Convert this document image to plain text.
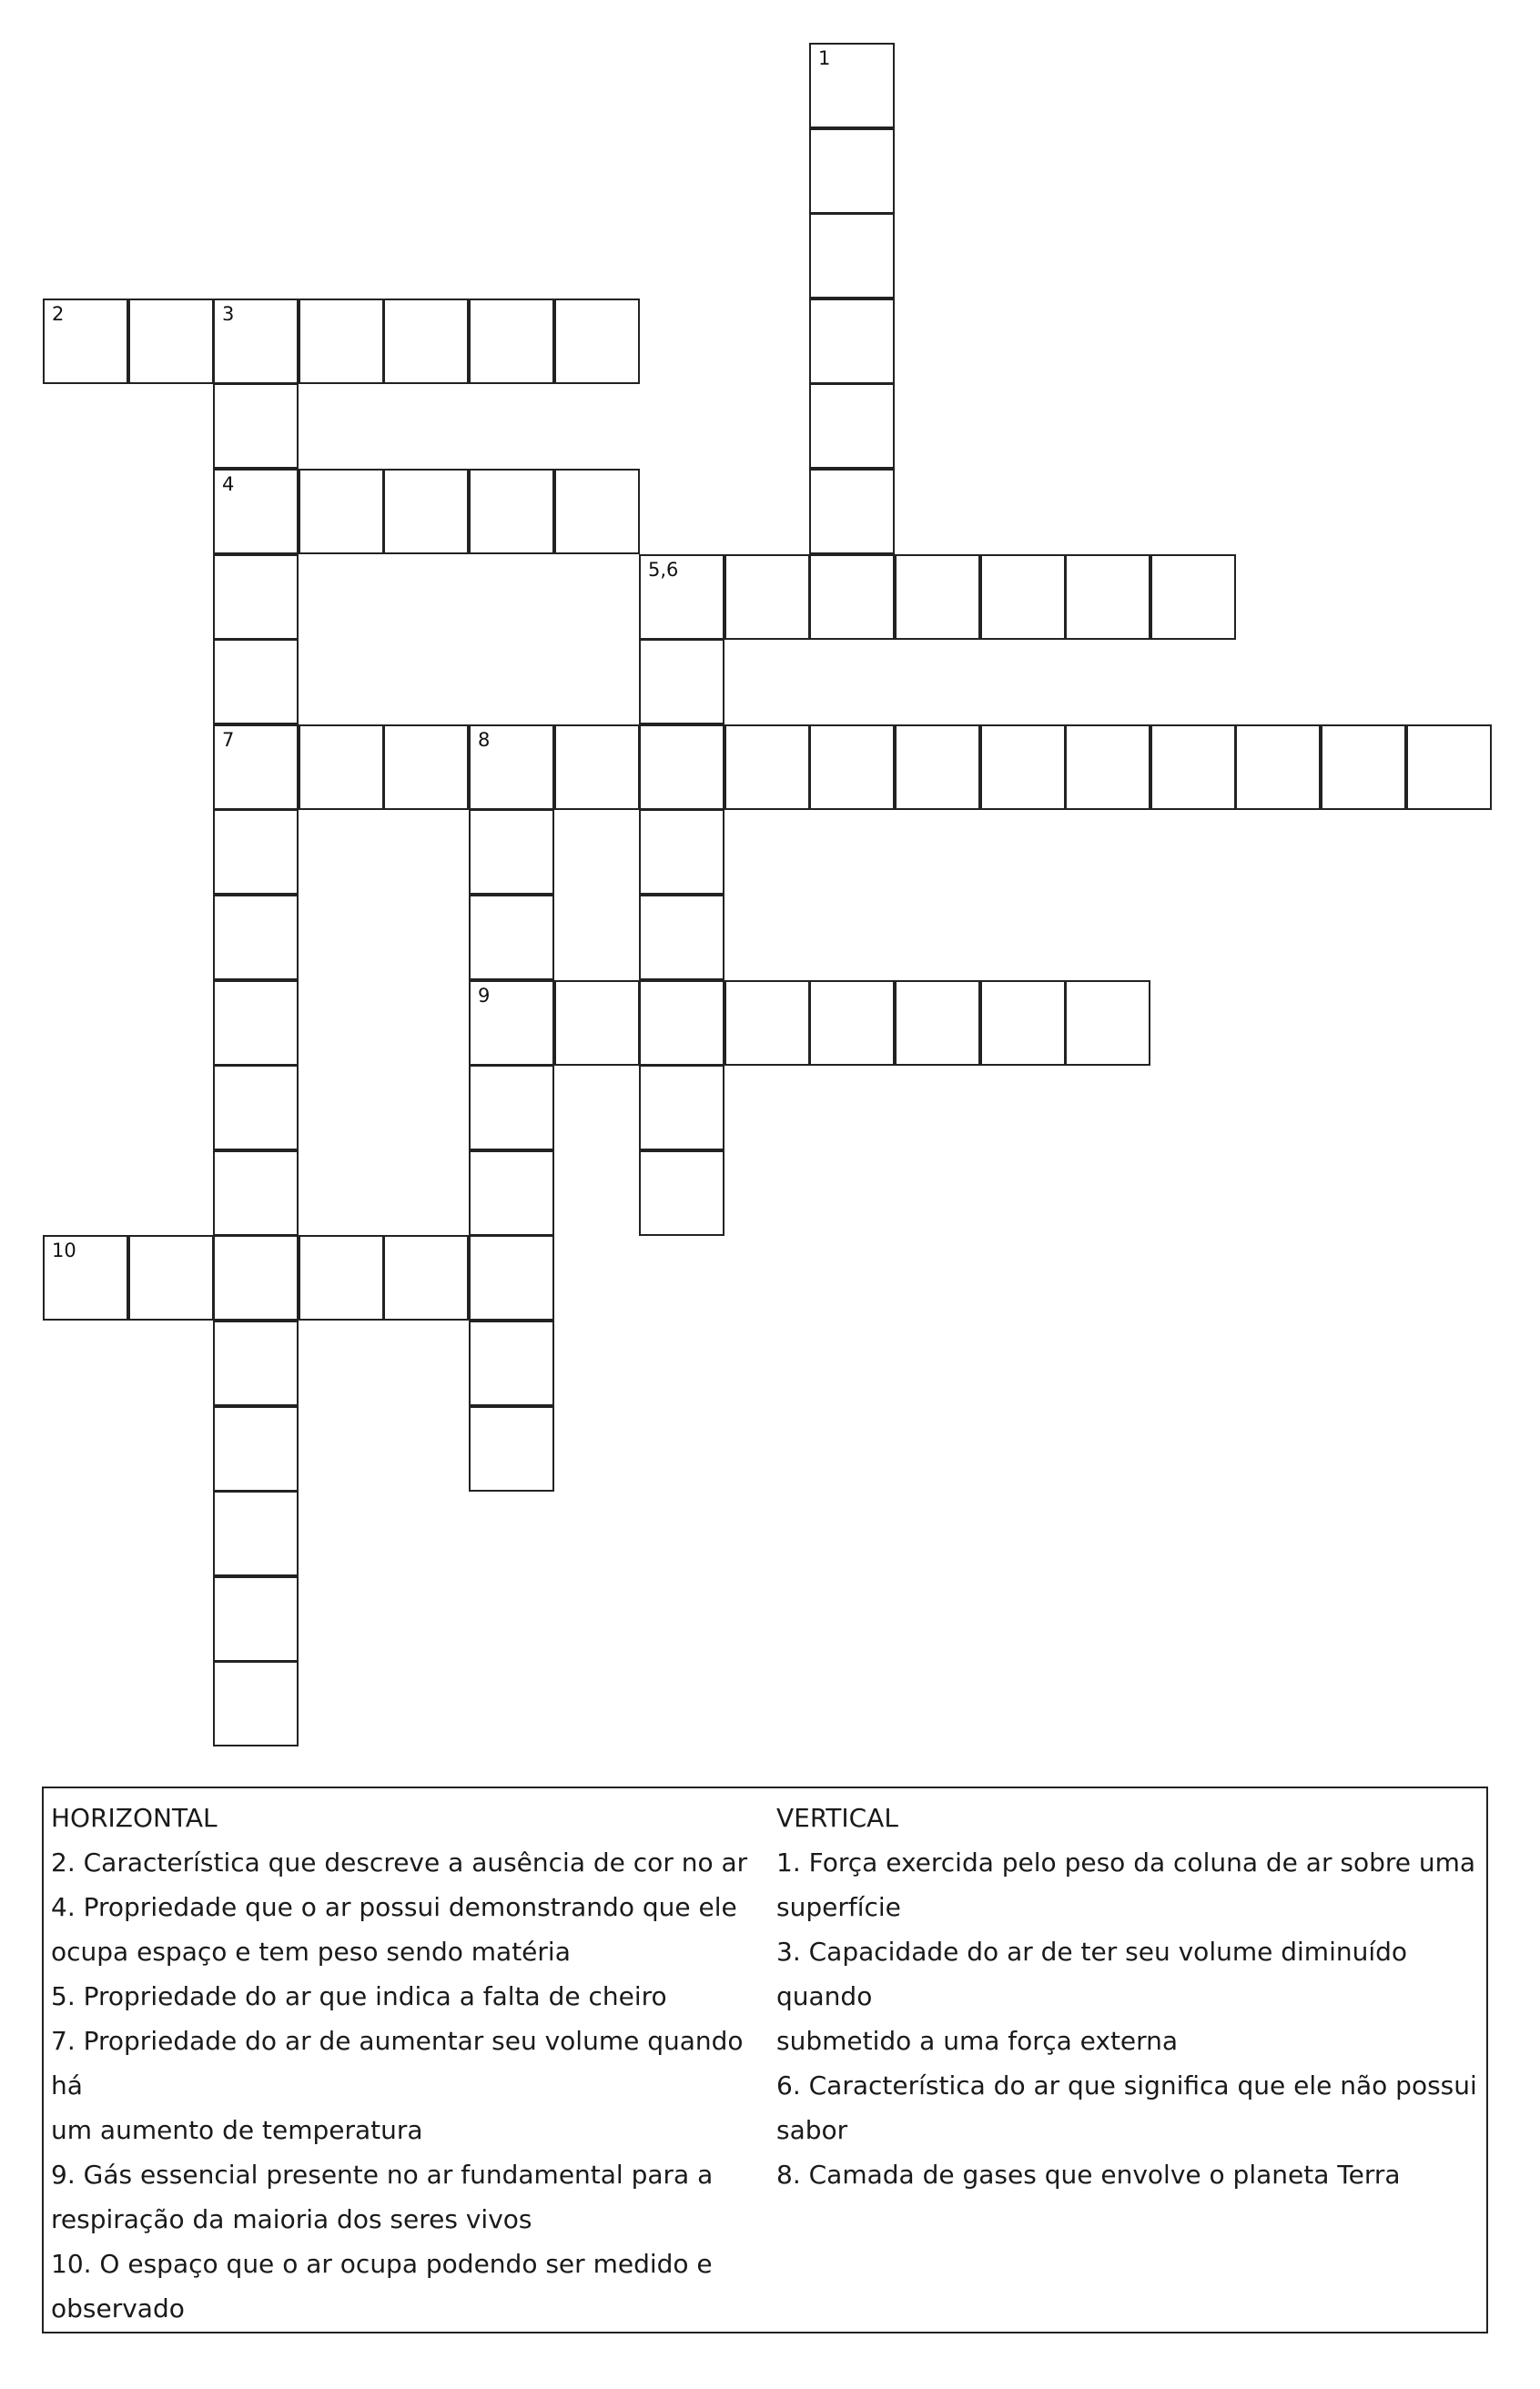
1
2	3
4
5,6
7	8
9
10
HORIZONTAL
2. Característica que descreve a ausência de cor no ar
4. Propriedade que o ar possui demonstrando que ele
ocupa espaço e tem peso sendo matéria
5. Propriedade do ar que indica a falta de cheiro
7. Propriedade do ar de aumentar seu volume quando há
um aumento de temperatura
9. Gás essencial presente no ar fundamental para a
respiração da maioria dos seres vivos
10. O espaço que o ar ocupa podendo ser medido e
observado
VERTICAL
1. Força exercida pelo peso da coluna de ar sobre uma
superfície
3. Capacidade do ar de ter seu volume diminuído quando
submetido a uma força externa
6. Característica do ar que significa que ele não possui
sabor
8. Camada de gases que envolve o planeta Terra
